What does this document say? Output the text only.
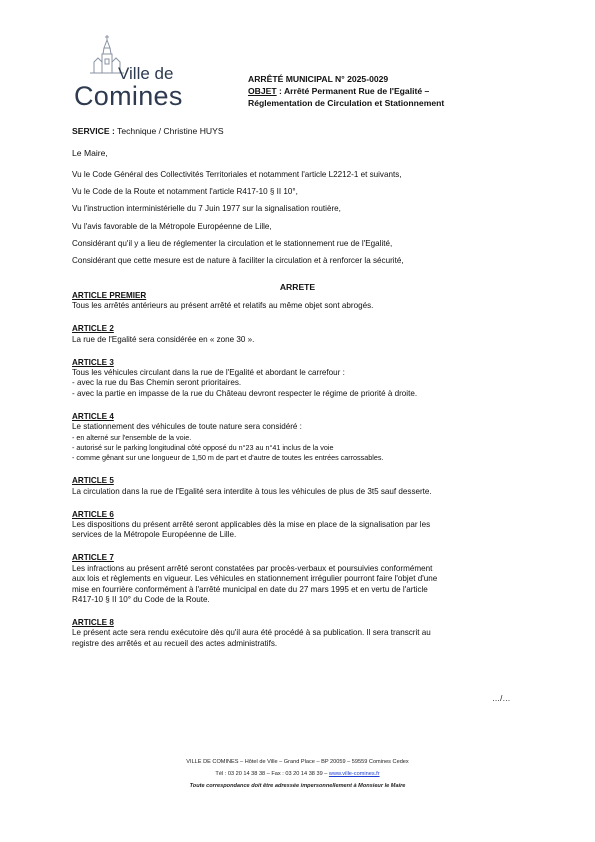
Ville de
Comines
ARRÊTÉ MUNICIPAL N° 2025-0029
OBJET : Arrêté Permanent Rue de l'Egalité –
Réglementation de Circulation et Stationnement
SERVICE : Technique / Christine HUYS
Le Maire,
Vu le Code Général des Collectivités Territoriales et notamment l'article L2212-1 et suivants,
Vu le Code de la Route et notamment l'article R417-10 § II 10°,
Vu l'instruction interministérielle du 7 Juin 1977 sur la signalisation routière,
Vu l'avis favorable de la Métropole Européenne de Lille,
Considérant qu'il y a lieu de réglementer la circulation et le stationnement rue de l'Egalité,
Considérant que cette mesure est de nature à faciliter la circulation et à renforcer la sécurité,
ARRETE
ARTICLE PREMIER
Tous les arrêtés antérieurs au présent arrêté et relatifs au même objet sont abrogés.
ARTICLE 2
La rue de l'Egalité sera considérée en « zone 30 ».
ARTICLE 3
Tous les véhicules circulant dans la rue de l'Egalité et abordant le carrefour :
- avec la rue du Bas Chemin seront prioritaires.
- avec la partie en impasse de la rue du Château devront respecter le régime de priorité à droite.
ARTICLE 4
Le stationnement des véhicules de toute nature sera considéré :
- en alterné sur l'ensemble de la voie.
- autorisé sur le parking longitudinal côté opposé du n°23 au n°41 inclus de la voie
- comme gênant sur une longueur de 1,50 m de part et d'autre de toutes les entrées carrossables.
ARTICLE 5
La circulation dans la rue de l'Egalité sera interdite à tous les véhicules de plus de 3t5 sauf desserte.
ARTICLE 6
Les dispositions du présent arrêté seront applicables dès la mise en place de la signalisation par les
services de la Métropole Européenne de Lille.
ARTICLE 7
Les infractions au présent arrêté seront constatées par procès-verbaux et poursuivies conformément
aux lois et règlements en vigueur. Les véhicules en stationnement irrégulier pourront faire l'objet d'une
mise en fourrière conformément à l'arrêté municipal en date du 27 mars 1995 et en vertu de l'article
R417-10 § II 10° du Code de la Route.
ARTICLE 8
Le présent acte sera rendu exécutoire dès qu'il aura été procédé à sa publication. Il sera transcrit au
registre des arrêtés et au recueil des actes administratifs.
…/…
VILLE DE COMINES – Hôtel de Ville – Grand Place – BP 20059 – 59559 Comines Cedex
Tél : 03 20 14 38 38 – Fax : 03 20 14 38 39 – www.ville-comines.fr
Toute correspondance doit être adressée impersonnellement à Monsieur le Maire
